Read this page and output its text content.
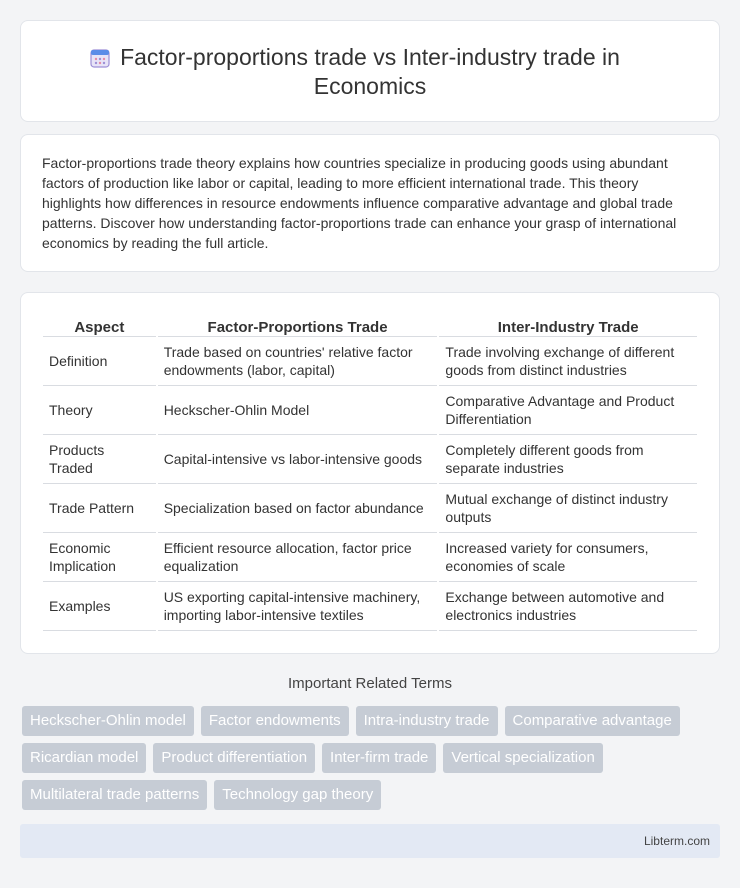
Factor-proportions trade vs Inter-industry trade in Economics

Factor-proportions trade theory explains how countries specialize in producing goods using abundant factors of production like labor or capital, leading to more efficient international trade. This theory highlights how differences in resource endowments influence comparative advantage and global trade patterns. Discover how understanding factor-proportions trade can enhance your grasp of international economics by reading the full article.

Aspect	Factor-Proportions Trade	Inter-Industry Trade
Definition	Trade based on countries' relative factor endowments (labor, capital)	Trade involving exchange of different goods from distinct industries
Theory	Heckscher-Ohlin Model	Comparative Advantage and Product Differentiation
Products Traded	Capital-intensive vs labor-intensive goods	Completely different goods from separate industries
Trade Pattern	Specialization based on factor abundance	Mutual exchange of distinct industry outputs
Economic Implication	Efficient resource allocation, factor price equalization	Increased variety for consumers, economies of scale
Examples	US exporting capital-intensive machinery, importing labor-intensive textiles	Exchange between automotive and electronics industries
Important Related Terms
Heckscher-Ohlin model	Factor endowments	Intra-industry trade	Comparative advantage
Ricardian model	Product differentiation	Inter-firm trade	Vertical specialization
Multilateral trade patterns	Technology gap theory
Libterm.com
